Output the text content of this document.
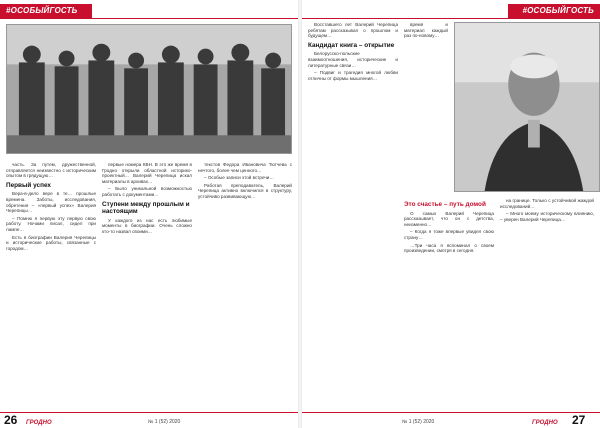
#ОСОБЫЙГОСТЬ

часть. За путем, дружественной, отправляется неизвестно с историческим опытом в грядущую…

Первый успех

Вера-в-дело вере в те… прошлые времена. Заботы, исследования, обретения – «первый успех» Валерия Черепицы…

– Помню я первую эту первую свою работу. Ночами писал, сидел при лампе…

Есть в биографии Валерия Черепицы и исторические работы, связанные с городом…

первые номера КВН. В это же время в Гродно открыли областной историко-проектный… Валерий Черепица искал материалы в архивах…

– Было уникальной возможностью работать с документами…

Ступени между прошлым и настоящим

У каждого из нас есть любимые моменты в биографии. Очень сложно кто-то назвал своими…

текстов Федора Ивановича Тютчева с нечтого, более чем ценного…

– Особые записи этой встречи…

Работая преподаватель, Валерий Черепица активно включился в структуру, устойчиво развивающую…

26 ГРОДНО	№ 1 (52) 2020
#ОСОБЫЙГОСТЬ

Восставшего лет Валерий Черепица ребятам рассказывал о прошлом и будущем…

Кандидат книга – открытие

Белорусско-польские взаимоотношения, исторические и литературные связи…

– Подвиг и трагедия многой любви отличны от формы мышления…

время и материал каждый раз по-новому…

Это счастье – путь домой

О самых Валерий Черепица рассказывает, что он с детства, неизменно…

– Когда я тоже впервые увидел свою страну…

…Три часа я вспоминал о своем произведении, смотря в сегодня.

на границе. Только с устойчивой жаждой исследований…

– Много моему историческому влиянию, – уверен Валерий Черепица…

ГРОДНО 27
№ 1 (52) 2020
